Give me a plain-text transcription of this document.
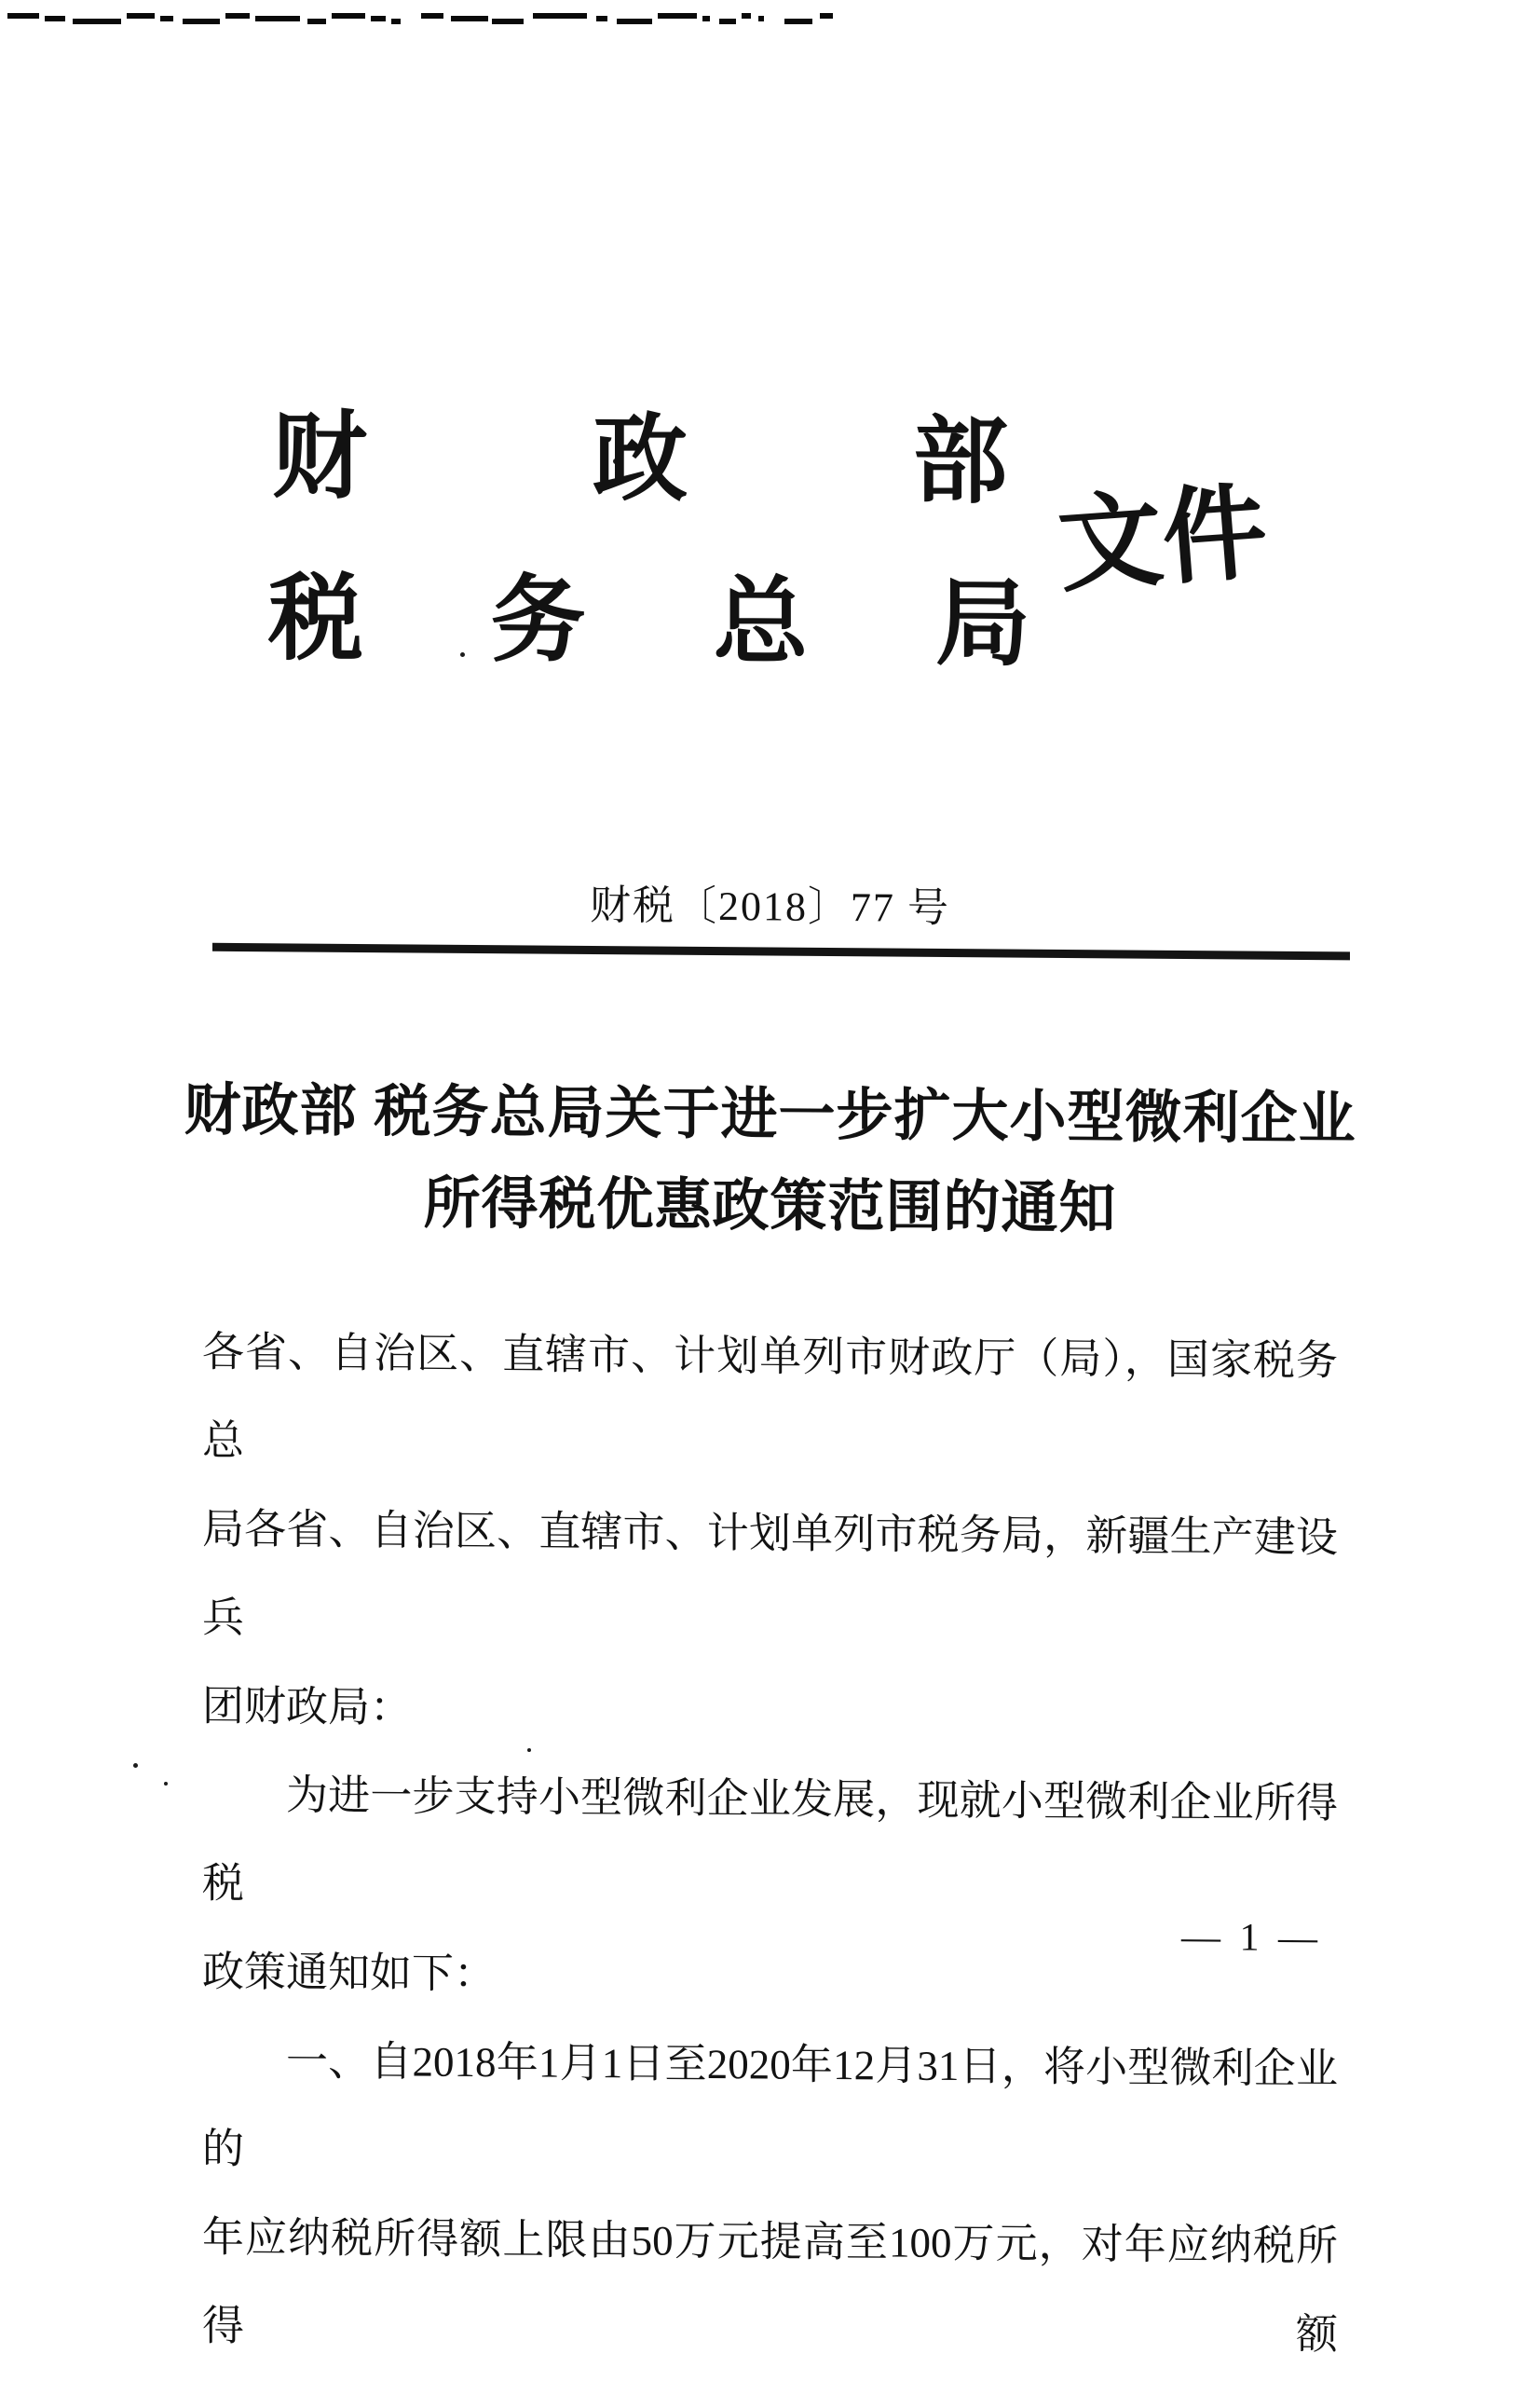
财 政 部
税 务 总 局
文件
财税〔2018〕77 号
财政部 税务总局关于进一步扩大小型微利企业
所得税优惠政策范围的通知
各省、自治区、直辖市、计划单列市财政厅（局），国家税务总
局各省、自治区、直辖市、计划单列市税务局，新疆生产建设兵
团财政局：
为进一步支持小型微利企业发展，现就小型微利企业所得税
政策通知如下：
一、自2018年1月1日至2020年12月31日，将小型微利企业的
年应纳税所得额上限由50万元提高至100万元，对年应纳税所得额
— 1 —
